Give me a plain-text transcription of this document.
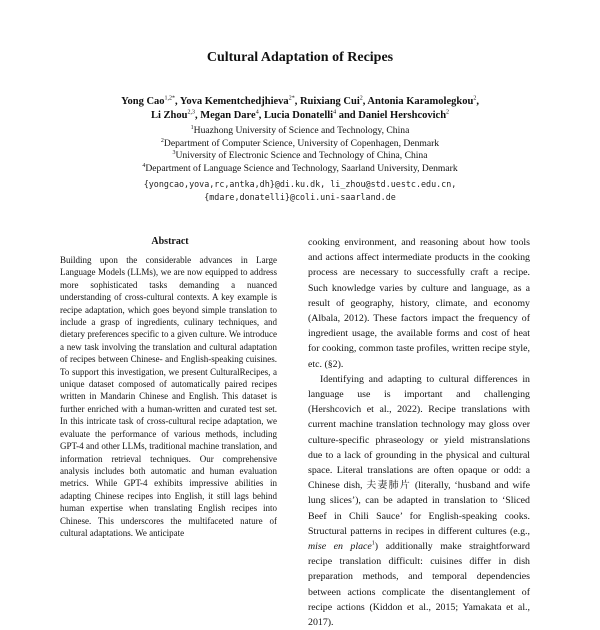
Cultural Adaptation of Recipes
Yong Cao$^{1,2*}$, Yova Kementchedjhieva$^{2*}$, Ruixiang Cui$^2$, Antonia Karamolegkou$^2$,
Li Zhou$^{2,3}$, Megan Dare$^4$, Lucia Donatelli$^4$ and Daniel Hershcovich$^2$
$^1$Huazhong University of Science and Technology, China
$^2$Department of Computer Science, University of Copenhagen, Denmark
$^3$University of Electronic Science and Technology of China, China
$^4$Department of Language Science and Technology, Saarland University, Denmark
{yongcao,yova,rc,antka,dh}@di.ku.dk, li_zhou@std.uestc.edu.cn,
{mdare,donatelli}@coli.uni-saarland.de
Abstract

Building upon the considerable advances in Large Language Models (LLMs), we are now equipped to address more sophisticated tasks demanding a nuanced understanding of cross-cultural contexts. A key example is recipe adaptation, which goes beyond simple translation to include a grasp of ingredients, culinary techniques, and dietary preferences specific to a given culture. We introduce a new task involving the translation and cultural adaptation of recipes between Chinese- and English-speaking cuisines. To support this investigation, we present CulturalRecipes, a unique dataset composed of automatically paired recipes written in Mandarin Chinese and English. This dataset is further enriched with a human-written and curated test set. In this intricate task of cross-cultural recipe adaptation, we evaluate the performance of various methods, including GPT-4 and other LLMs, traditional machine translation, and information retrieval techniques. Our comprehensive analysis includes both automatic and human evaluation metrics. While GPT-4 exhibits impressive abilities in adapting Chinese recipes into English, it still lags behind human expertise when translating English recipes into Chinese. This underscores the multifaceted nature of cultural adaptations. We anticipate

cooking environment, and reasoning about how tools and actions affect intermediate products in the cooking process are necessary to successfully craft a recipe. Such knowledge varies by culture and language, as a result of geography, history, climate, and economy (Albala, 2012). These factors impact the frequency of ingredient usage, the available forms and cost of heat for cooking, common taste profiles, written recipe style, etc. (§2).

Identifying and adapting to cultural differences in language use is important and challenging (Hershcovich et al., 2022). Recipe translations with current machine translation technology may gloss over culture-specific phraseology or yield mistranslations due to a lack of grounding in the physical and cultural space. Literal translations are often opaque or odd: a Chinese dish, 夫妻肺片 (literally, ‘husband and wife lung slices’), can be adapted in translation to ‘Sliced Beef in Chili Sauce’ for English-speaking cooks. Structural patterns in recipes in different cultures (e.g., mise en place$^1$) additionally make straightforward recipe translation difficult: cuisines differ in dish preparation methods, and temporal dependencies between actions complicate the disentanglement of recipe actions (Kiddon et al., 2015; Yamakata et al., 2017).
